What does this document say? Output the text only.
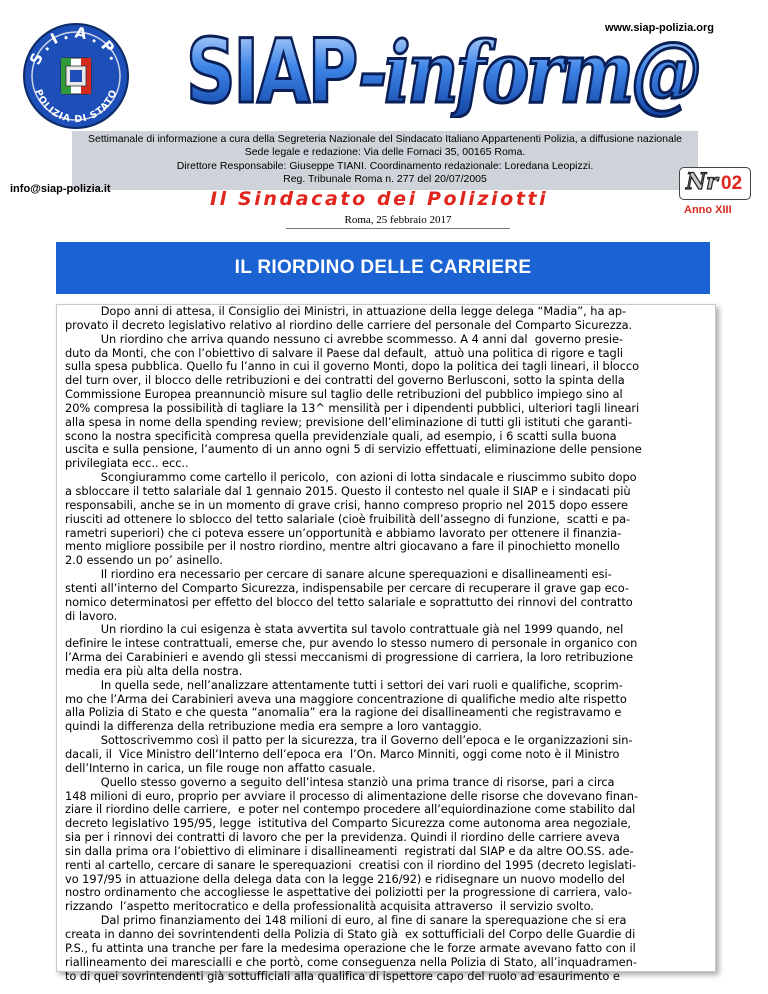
S.I.A.P.
POLIZIA DI STATO
www.siap-polizia.org
SIAP -inform@
Settimanale di informazione a cura della Segreteria Nazionale del Sindacato Italiano Appartenenti Polizia, a diffusione nazionale
Sede legale e redazione: Via delle Fornaci 35, 00165 Roma.
Direttore Responsabile: Giuseppe TIANI. Coordinamento redazionale: Loredana Leopizzi.
Reg. Tribunale Roma n. 277 del 20/07/2005
info@siap-polizia.it	Il Sindacato dei Poliziotti
Nr 02
Anno XIII
Roma, 25 febbraio 2017
IL RIORDINO DELLE CARRIERE

Dopo anni di attesa, il Consiglio dei Ministri, in attuazione della legge delega “Madia”, ha ap-
provato il decreto legislativo relativo al riordino delle carriere del personale del Comparto Sicurezza.
Un riordino che arriva quando nessuno ci avrebbe scommesso. A 4 anni dal  governo presie-
duto da Monti, che con l’obiettivo di salvare il Paese dal default,  attuò una politica di rigore e tagli
sulla spesa pubblica. Quello fu l’anno in cui il governo Monti, dopo la politica dei tagli lineari, il blocco
del turn over, il blocco delle retribuzioni e dei contratti del governo Berlusconi, sotto la spinta della
Commissione Europea preannunciò misure sul taglio delle retribuzioni del pubblico impiego sino al
20% compresa la possibilità di tagliare la 13^ mensilità per i dipendenti pubblici, ulteriori tagli lineari
alla spesa in nome della spending review; previsione dell’eliminazione di tutti gli istituti che garanti-
scono la nostra specificità compresa quella previdenziale quali, ad esempio, i 6 scatti sulla buona
uscita e sulla pensione, l’aumento di un anno ogni 5 di servizio effettuati, eliminazione delle pensione
privilegiata ecc.. ecc..
Scongiurammo come cartello il pericolo,  con azioni di lotta sindacale e riuscimmo subito dopo
a sbloccare il tetto salariale dal 1 gennaio 2015. Questo il contesto nel quale il SIAP e i sindacati più
responsabili, anche se in un momento di grave crisi, hanno compreso proprio nel 2015 dopo essere
riusciti ad ottenere lo sblocco del tetto salariale (cioè fruibilità dell’assegno di funzione,  scatti e pa-
rametri superiori) che ci poteva essere un’opportunità e abbiamo lavorato per ottenere il finanzia-
mento migliore possibile per il nostro riordino, mentre altri giocavano a fare il pinochietto monello
2.0 essendo un po’ asinello.
Il riordino era necessario per cercare di sanare alcune sperequazioni e disallineamenti esi-
stenti all’interno del Comparto Sicurezza, indispensabile per cercare di recuperare il grave gap eco-
nomico determinatosi per effetto del blocco del tetto salariale e soprattutto dei rinnovi del contratto
di lavoro.
Un riordino la cui esigenza è stata avvertita sul tavolo contrattuale già nel 1999 quando, nel
definire le intese contrattuali, emerse che, pur avendo lo stesso numero di personale in organico con
l’Arma dei Carabinieri e avendo gli stessi meccanismi di progressione di carriera, la loro retribuzione
media era più alta della nostra.
In quella sede, nell’analizzare attentamente tutti i settori dei vari ruoli e qualifiche, scoprim-
mo che l’Arma dei Carabinieri aveva una maggiore concentrazione di qualifiche medio alte rispetto
alla Polizia di Stato e che questa “anomalia” era la ragione dei disallineamenti che registravamo e
quindi la differenza della retribuzione media era sempre a loro vantaggio.
Sottoscrivemmo così il patto per la sicurezza, tra il Governo dell’epoca e le organizzazioni sin-
dacali, il  Vice Ministro dell’Interno dell’epoca era  l’On. Marco Minniti, oggi come noto è il Ministro
dell’Interno in carica, un file rouge non affatto casuale.
Quello stesso governo a seguito dell’intesa stanziò una prima trance di risorse, pari a circa
148 milioni di euro, proprio per avviare il processo di alimentazione delle risorse che dovevano finan-
ziare il riordino delle carriere,  e poter nel contempo procedere all’equiordinazione come stabilito dal
decreto legislativo 195/95, legge  istitutiva del Comparto Sicurezza come autonoma area negoziale,
sia per i rinnovi dei contratti di lavoro che per la previdenza. Quindi il riordino delle carriere aveva
sin dalla prima ora l’obiettivo di eliminare i disallineamenti  registrati dal SIAP e da altre OO.SS. ade-
renti al cartello, cercare di sanare le sperequazioni  creatisi con il riordino del 1995 (decreto legislati-
vo 197/95 in attuazione della delega data con la legge 216/92) e ridisegnare un nuovo modello del
nostro ordinamento che accogliesse le aspettative dei poliziotti per la progressione di carriera, valo-
rizzando  l’aspetto meritocratico e della professionalità acquisita attraverso  il servizio svolto.
Dal primo finanziamento dei 148 milioni di euro, al fine di sanare la sperequazione che si era
creata in danno dei sovrintendenti della Polizia di Stato già  ex sottufficiali del Corpo delle Guardie di
P.S., fu attinta una tranche per fare la medesima operazione che le forze armate avevano fatto con il
riallineamento dei marescialli e che portò, come conseguenza nella Polizia di Stato, all’inquadramen-
to di quei sovrintendenti già sottufficiali alla qualifica di ispettore capo del ruolo ad esaurimento e
